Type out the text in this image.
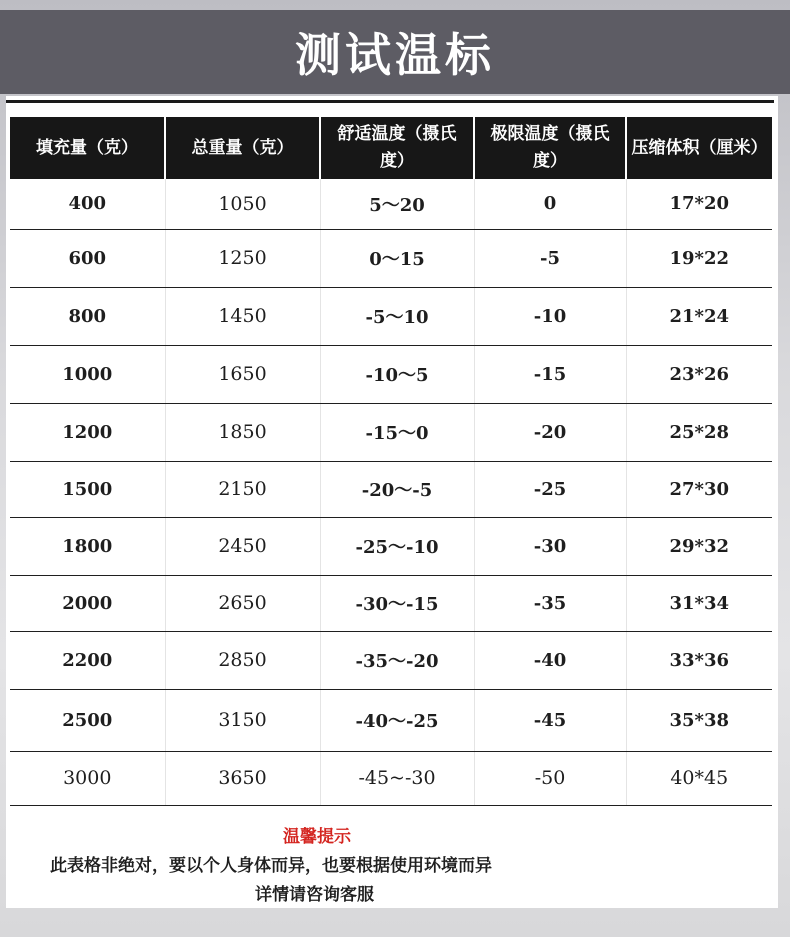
测试温标
填充量（克）	总重量（克）	舒适温度（摄氏度）	极限温度（摄氏度）	压缩体积（厘米）
400	1050	5～20	0	17*20
600	1250	0～15	-5	19*22
800	1450	-5～10	-10	21*24
1000	1650	-10～5	-15	23*26
1200	1850	-15～0	-20	25*28
1500	2150	-20～-5	-25	27*30
1800	2450	-25～-10	-30	29*32
2000	2650	-30～-15	-35	31*34
2200	2850	-35～-20	-40	33*36
2500	3150	-40～-25	-45	35*38
3000	3650	-45~-30	-50	40*45
温馨提示
此表格非绝对，要以个人身体而异，也要根据使用环境而异
详情请咨询客服
